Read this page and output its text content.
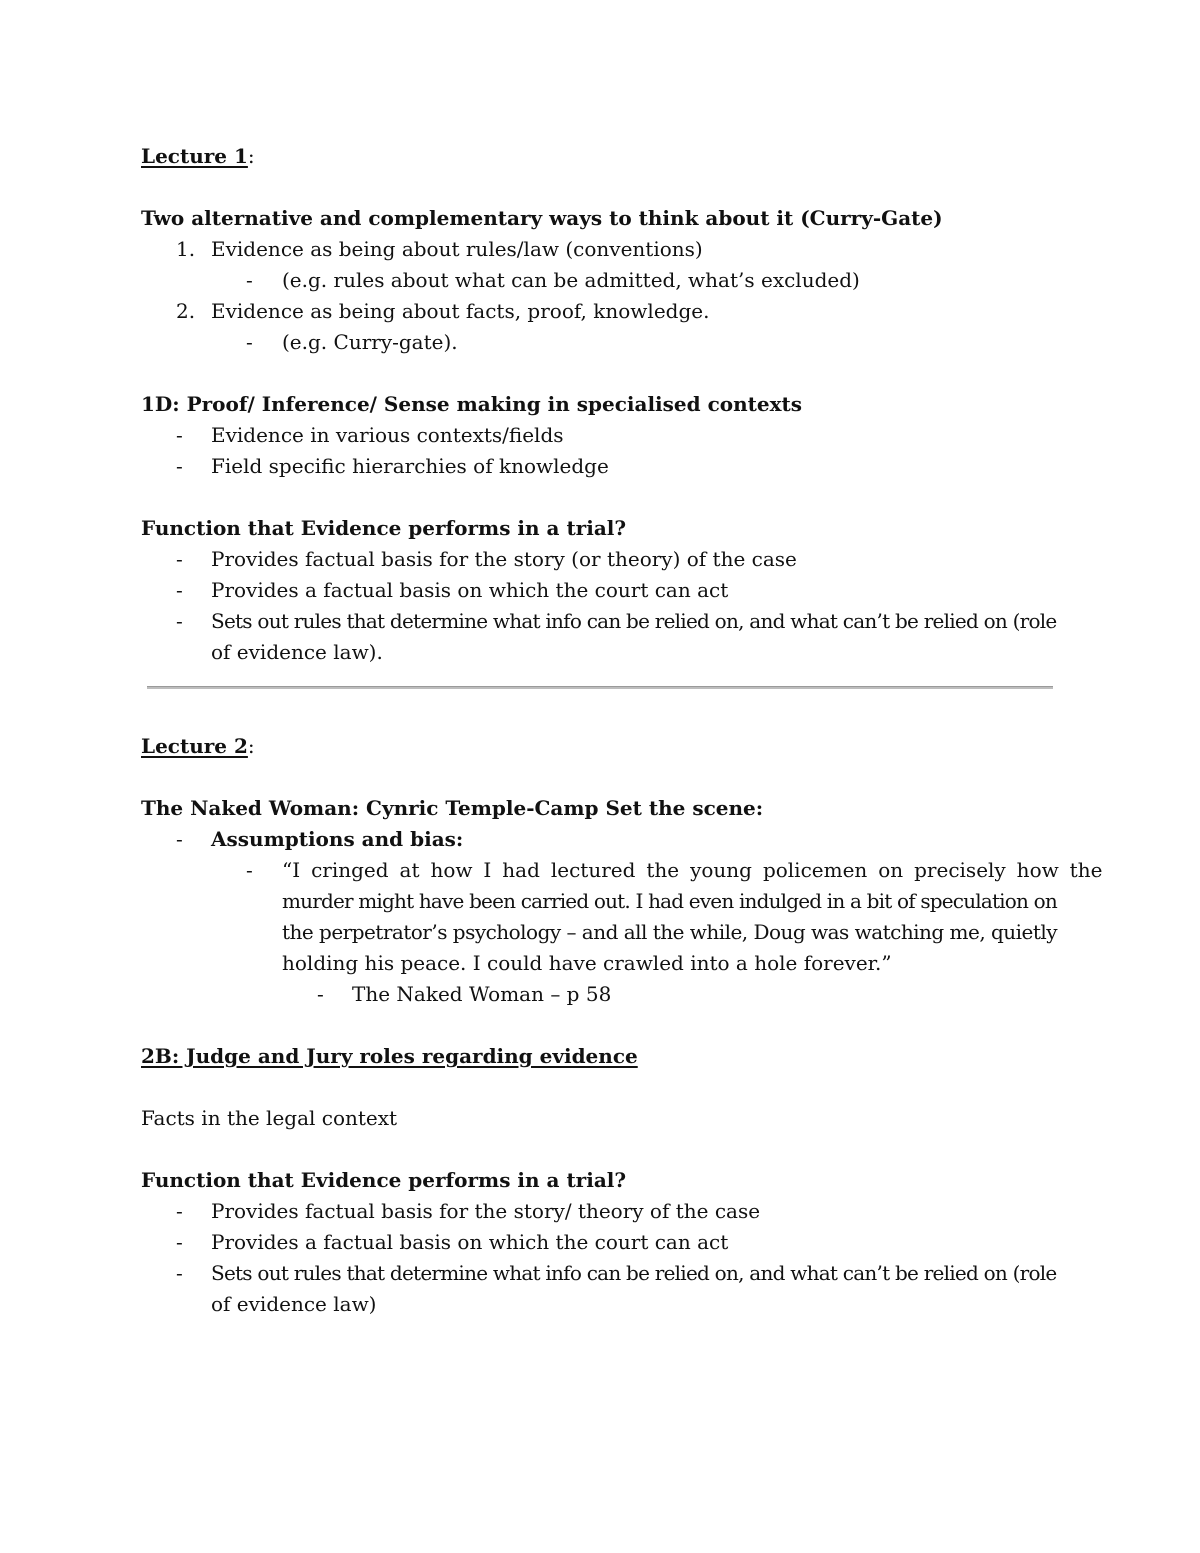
Lecture 1:
Two alternative and complementary ways to think about it (Curry-Gate)
1. Evidence as being about rules/law (conventions)
- (e.g. rules about what can be admitted, what’s excluded)
2. Evidence as being about facts, proof, knowledge.
- (e.g. Curry-gate).
1D: Proof/ Inference/ Sense making in specialised contexts
- Evidence in various contexts/fields
- Field specific hierarchies of knowledge
Function that Evidence performs in a trial?
- Provides factual basis for the story (or theory) of the case
- Provides a factual basis on which the court can act
- Sets out rules that determine what info can be relied on, and what can’t be relied on (role
of evidence law).
Lecture 2:
The Naked Woman: Cynric Temple-Camp Set the scene:
- Assumptions and bias:
- “I cringed at how I had lectured the young policemen on precisely how the
murder might have been carried out. I had even indulged in a bit of speculation on
the perpetrator’s psychology – and all the while, Doug was watching me, quietly
holding his peace. I could have crawled into a hole forever.”
- The Naked Woman – p 58
2B: Judge and Jury roles regarding evidence
Facts in the legal context
Function that Evidence performs in a trial?
- Provides factual basis for the story/ theory of the case
- Provides a factual basis on which the court can act
- Sets out rules that determine what info can be relied on, and what can’t be relied on (role
of evidence law)
